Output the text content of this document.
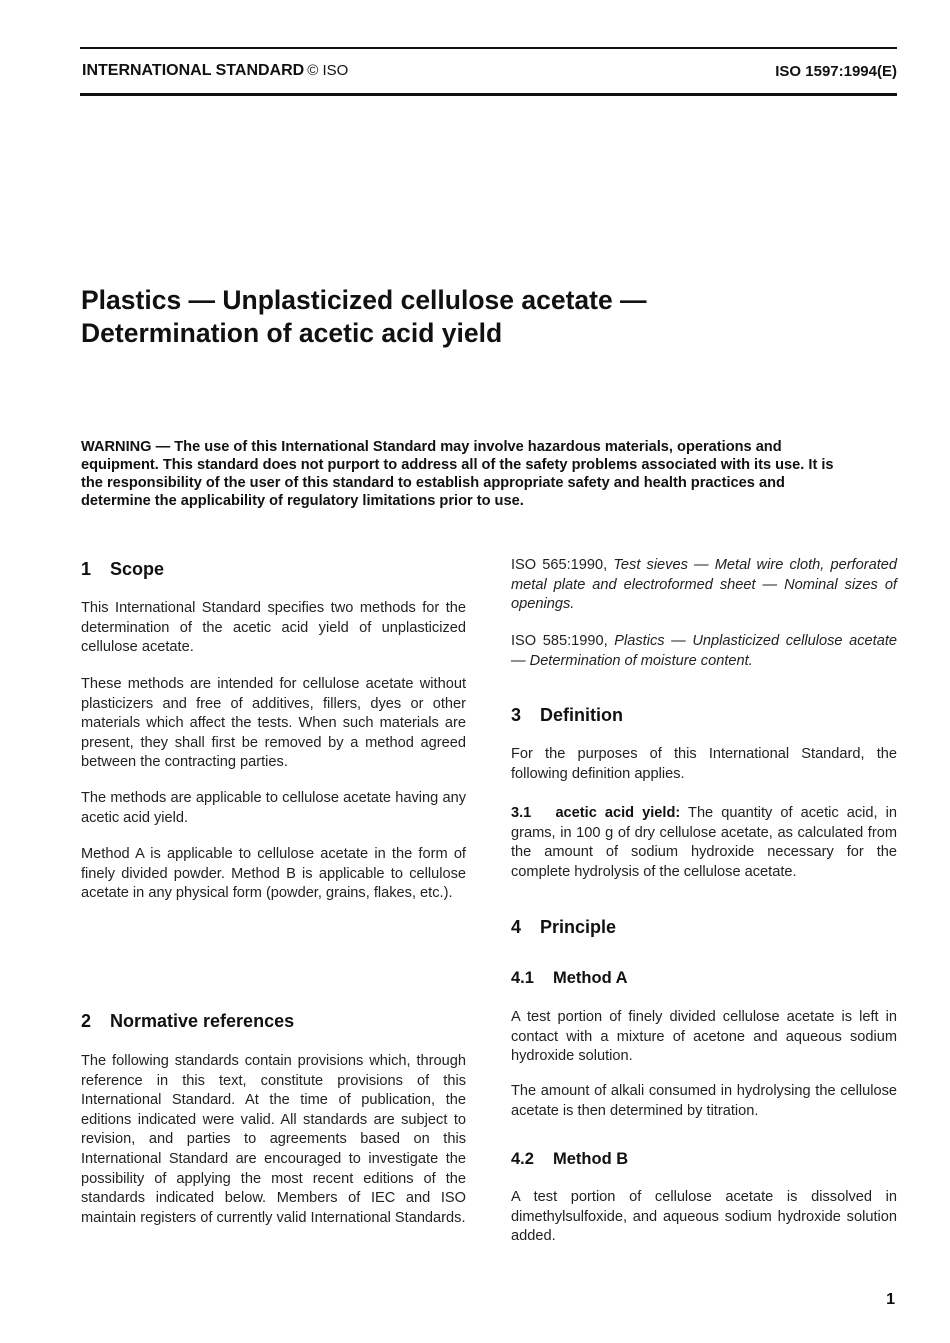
INTERNATIONAL STANDARD © ISO	ISO 1597:1994(E)
Plastics — Unplasticized cellulose acetate —
Determination of acetic acid yield
WARNING — The use of this International Standard may involve hazardous materials, operations and equipment. This standard does not purport to address all of the safety problems associated with its use. It is the responsibility of the user of this standard to establish appropriate safety and health practices and determine the applicability of regulatory limitations prior to use.
1 Scope
This International Standard specifies two methods for the determination of the acetic acid yield of unplasticized cellulose acetate.
These methods are intended for cellulose acetate without plasticizers and free of additives, fillers, dyes or other materials which affect the tests. When such materials are present, they shall first be removed by a method agreed between the contracting parties.
The methods are applicable to cellulose acetate having any acetic acid yield.
Method A is applicable to cellulose acetate in the form of finely divided powder. Method B is applicable to cellulose acetate in any physical form (powder, grains, flakes, etc.).
2 Normative references
The following standards contain provisions which, through reference in this text, constitute provisions of this International Standard. At the time of publication, the editions indicated were valid. All standards are subject to revision, and parties to agreements based on this International Standard are encouraged to investigate the possibility of applying the most recent editions of the standards indicated below. Members of IEC and ISO maintain registers of currently valid International Standards.
ISO 565:1990, Test sieves — Metal wire cloth, perforated metal plate and electroformed sheet — Nominal sizes of openings.
ISO 585:1990, Plastics — Unplasticized cellulose acetate — Determination of moisture content.
3 Definition
For the purposes of this International Standard, the following definition applies.
3.1 acetic acid yield: The quantity of acetic acid, in grams, in 100 g of dry cellulose acetate, as calculated from the amount of sodium hydroxide necessary for the complete hydrolysis of the cellulose acetate.
4 Principle
4.1 Method A
A test portion of finely divided cellulose acetate is left in contact with a mixture of acetone and aqueous sodium hydroxide solution.
The amount of alkali consumed in hydrolysing the cellulose acetate is then determined by titration.
4.2 Method B
A test portion of cellulose acetate is dissolved in dimethylsulfoxide, and aqueous sodium hydroxide solution added.
1
